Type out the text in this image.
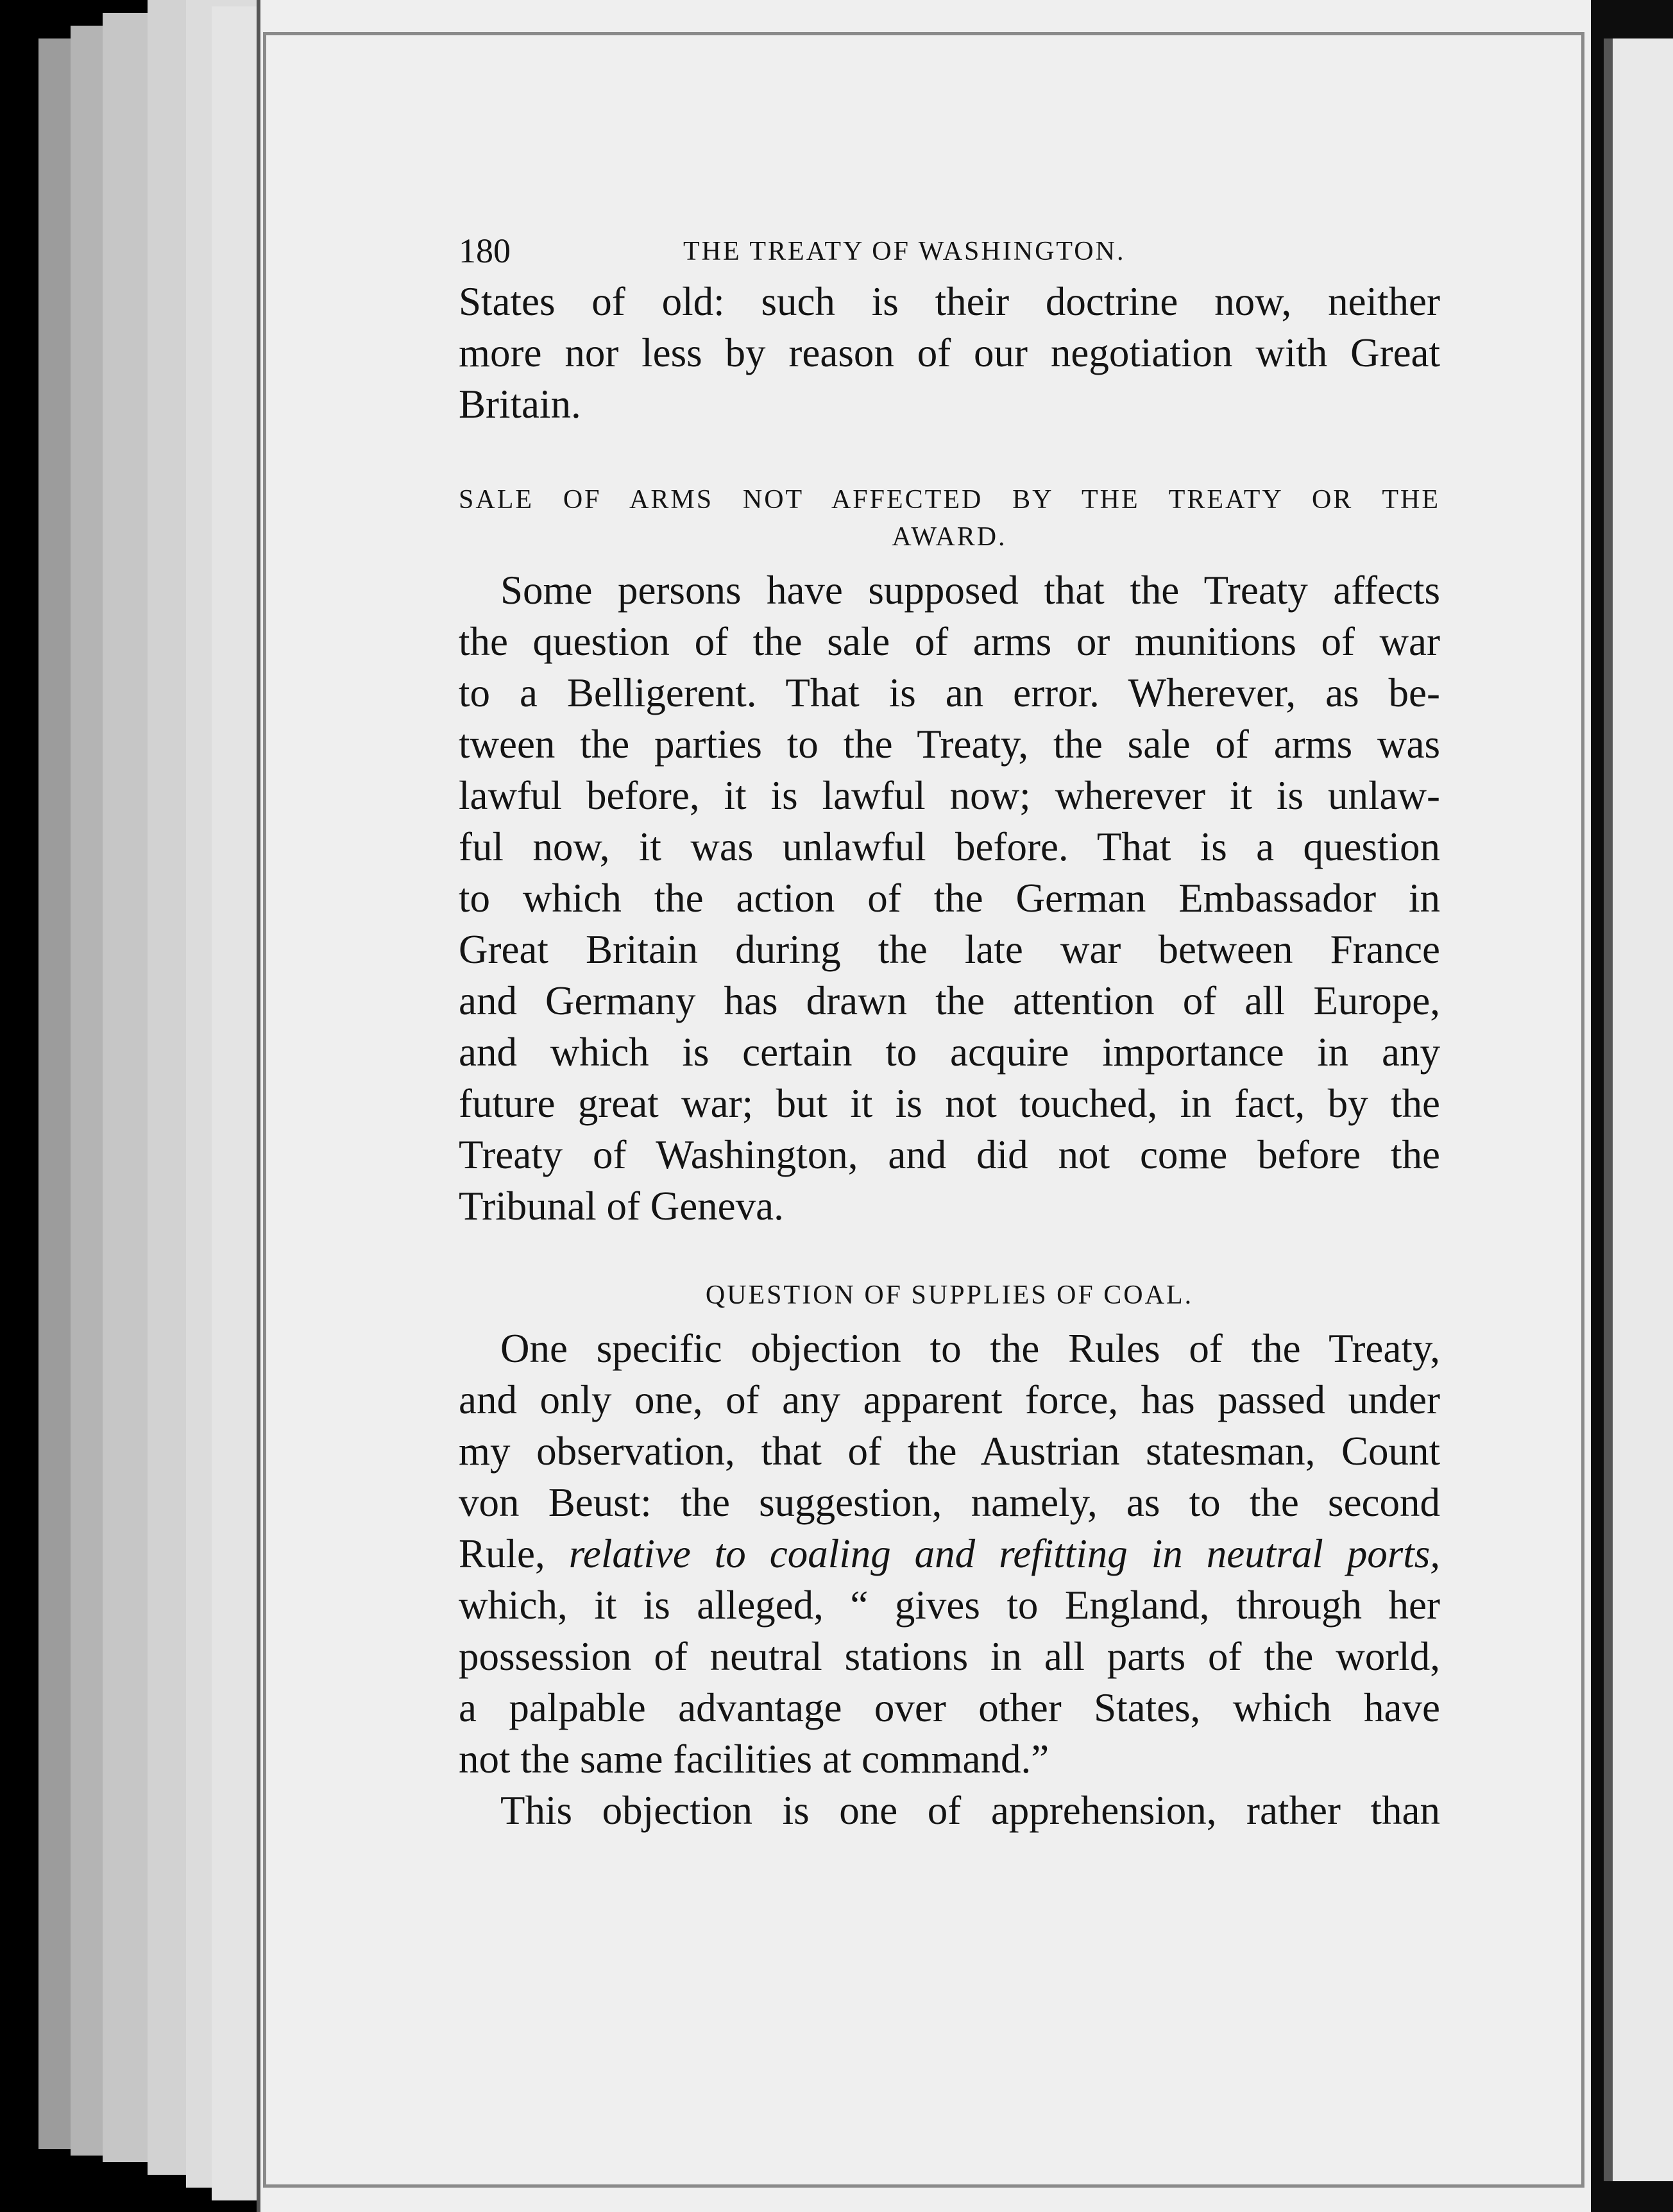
180	THE TREATY OF WASHINGTON.

States of old: such is their doctrine now, neither
more nor less by reason of our negotiation with Great
Britain.

SALE OF ARMS NOT AFFECTED BY THE TREATY OR THE
AWARD.

Some persons have supposed that the Treaty affects
the question of the sale of arms or munitions of war
to a Belligerent. That is an error. Wherever, as be-
tween the parties to the Treaty, the sale of arms was
lawful before, it is lawful now; wherever it is unlaw-
ful now, it was unlawful before. That is a question
to which the action of the German Embassador in
Great Britain during the late war between France
and Germany has drawn the attention of all Europe,
and which is certain to acquire importance in any
future great war; but it is not touched, in fact, by the
Treaty of Washington, and did not come before the
Tribunal of Geneva.

QUESTION OF SUPPLIES OF COAL.

One specific objection to the Rules of the Treaty,
and only one, of any apparent force, has passed under
my observation, that of the Austrian statesman, Count
von Beust: the suggestion, namely, as to the second
Rule, relative to coaling and refitting in neutral ports,
which, it is alleged, “ gives to England, through her
possession of neutral stations in all parts of the world,
a palpable advantage over other States, which have
not the same facilities at command.”

This objection is one of apprehension, rather than
